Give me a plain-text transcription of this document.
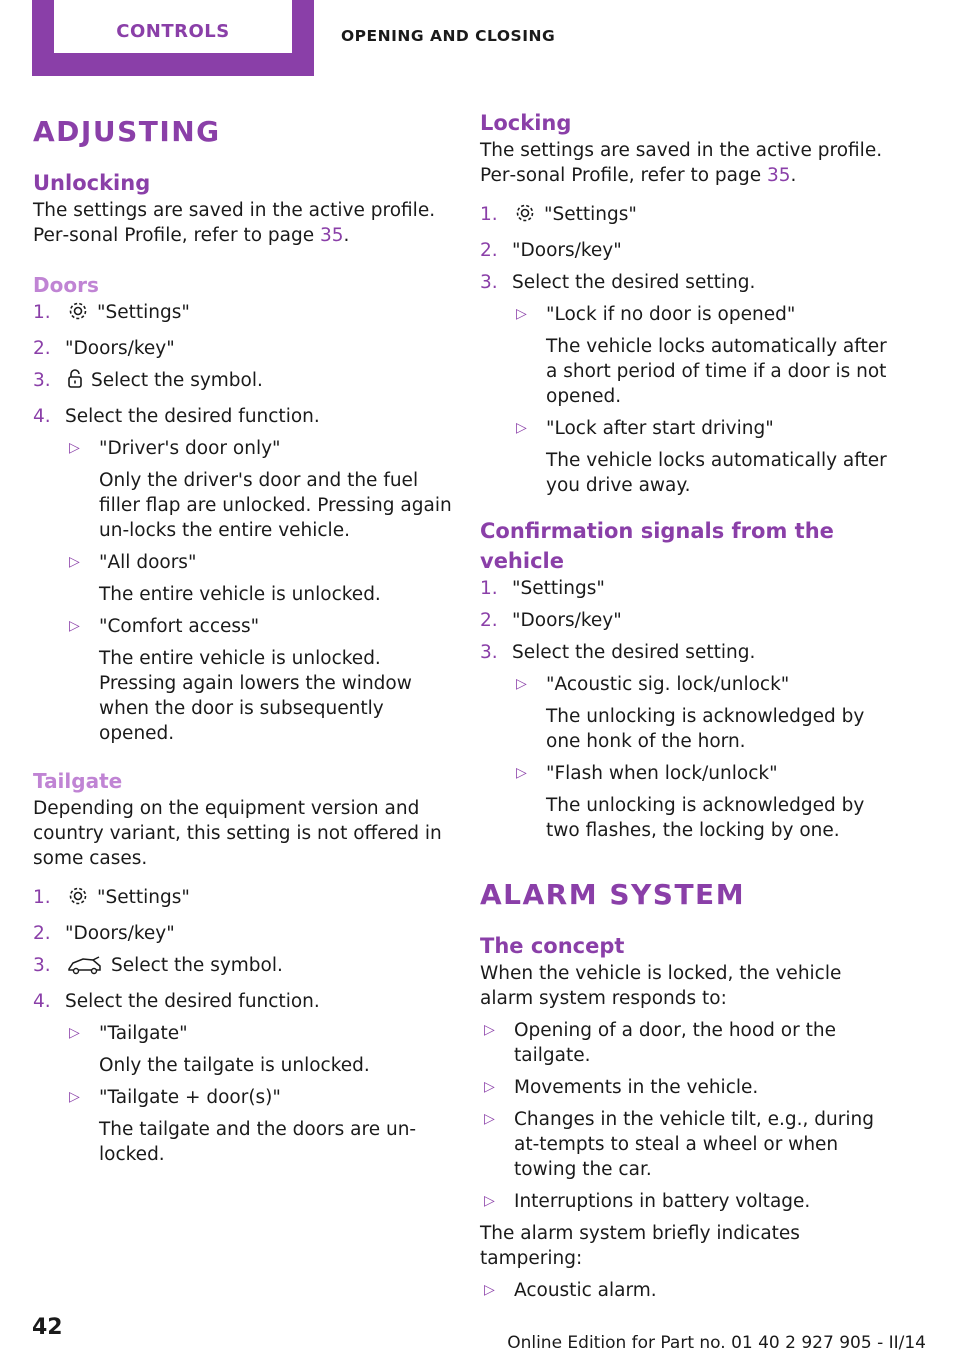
CONTROLS	OPENING AND CLOSING
ADJUSTING
Unlocking

The settings are saved in the active profile. Per‐sonal Profile, refer to page 35.

Doors
1.	"Settings"
2. "Doors/key"
3. Select the symbol.
4. Select the desired function.
▷ "Driver's door only"
Only the driver's door and the fuel filler flap are unlocked. Pressing again un‐locks the entire vehicle.
▷ "All doors"
The entire vehicle is unlocked.
▷ "Comfort access"
The entire vehicle is unlocked. Pressing again lowers the window when the door is subsequently opened.
Tailgate

Depending on the equipment version and country variant, this setting is not offered in some cases.

1.	"Settings"
2. "Doors/key"
3.	Select the symbol.
4. Select the desired function.
▷ "Tailgate"
Only the tailgate is unlocked.
▷ "Tailgate + door(s)"
The tailgate and the doors are un‐locked.
Locking

The settings are saved in the active profile. Per‐sonal Profile, refer to page 35.

1.	"Settings"
2. "Doors/key"
3. Select the desired setting.
▷ "Lock if no door is opened"
The vehicle locks automatically after a short period of time if a door is not opened.
▷ "Lock after start driving"
The vehicle locks automatically after you drive away.
Confirmation signals from the vehicle
1. "Settings"
2. "Doors/key"
3. Select the desired setting.
▷ "Acoustic sig. lock/unlock"
The unlocking is acknowledged by one honk of the horn.
▷ "Flash when lock/unlock"
The unlocking is acknowledged by two flashes, the locking by one.
ALARM SYSTEM
The concept

When the vehicle is locked, the vehicle alarm system responds to:

▷ Opening of a door, the hood or the tailgate.
▷ Movements in the vehicle.
▷ Changes in the vehicle tilt, e.g., during at‐tempts to steal a wheel or when towing the car.
▷ Interruptions in battery voltage.

The alarm system briefly indicates tampering:

▷ Acoustic alarm.
42
Online Edition for Part no. 01 40 2 927 905 - II/14
